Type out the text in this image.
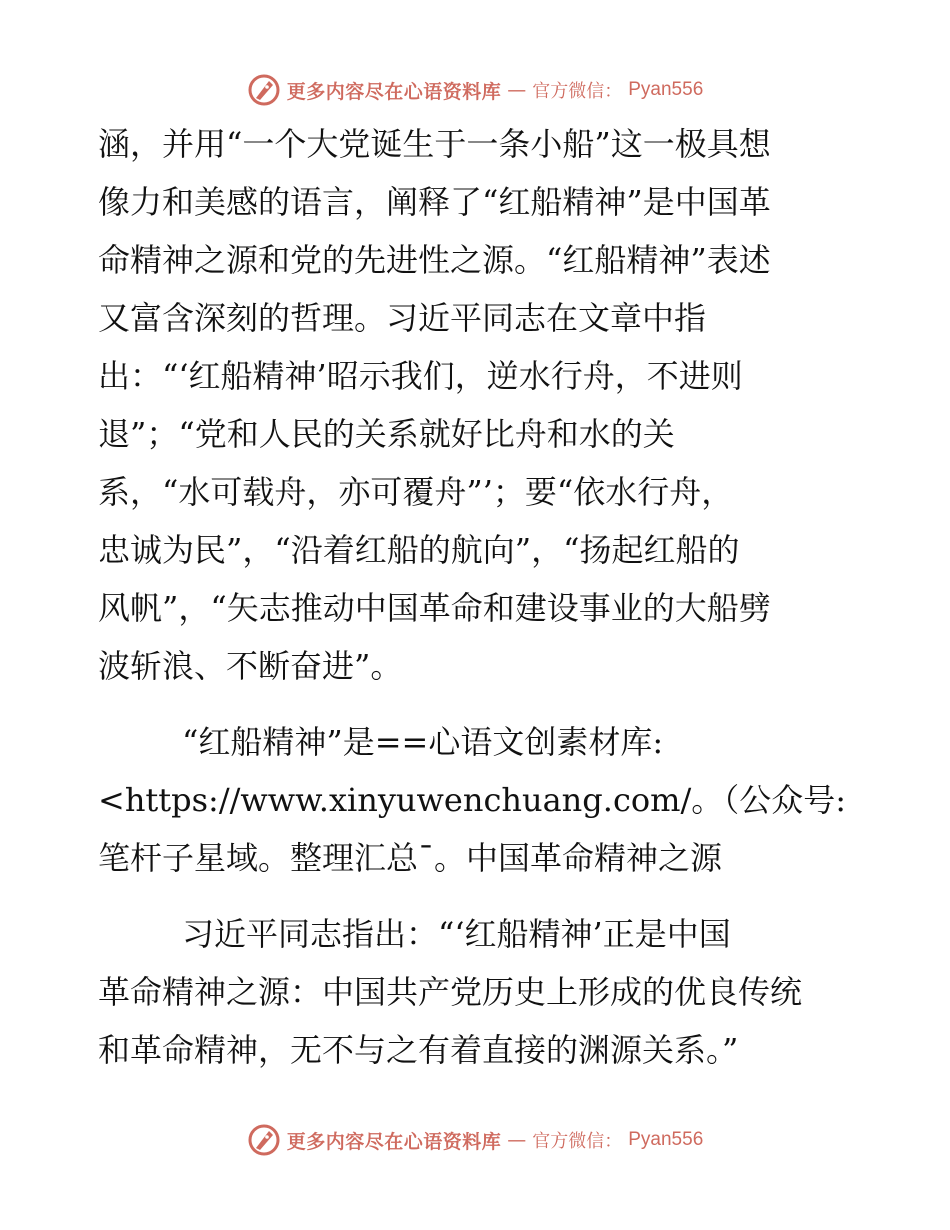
更多内容尽在心语资料库 — 官方微信： Pyan556
涵，并用“一个大党诞生于一条小船”这一极具想
像力和美感的语言，阐释了“红船精神”是中国革
命精神之源和党的先进性之源。“红船精神”表述
又富含深刻的哲理。习近平同志在文章中指
出：“‘红船精神’昭示我们，逆水行舟，不进则
退”；“党和人民的关系就好比舟和水的关
系，“水可载舟，亦可覆舟”’；要“依水行舟，
忠诚为民”，“沿着红船的航向”，“扬起红船的
风帆”，“矢志推动中国革命和建设事业的大船劈
波斩浪、不断奋进”。
“红船精神”是==心语文创素材库:
<https://www.xinyuwenchuang.com/。（公众号:
笔杆子星域。整理汇总¯。中国革命精神之源
习近平同志指出：“‘红船精神’正是中国
革命精神之源：中国共产党历史上形成的优良传统
和革命精神，无不与之有着直接的渊源关系。”
更多内容尽在心语资料库 — 官方微信： Pyan556
